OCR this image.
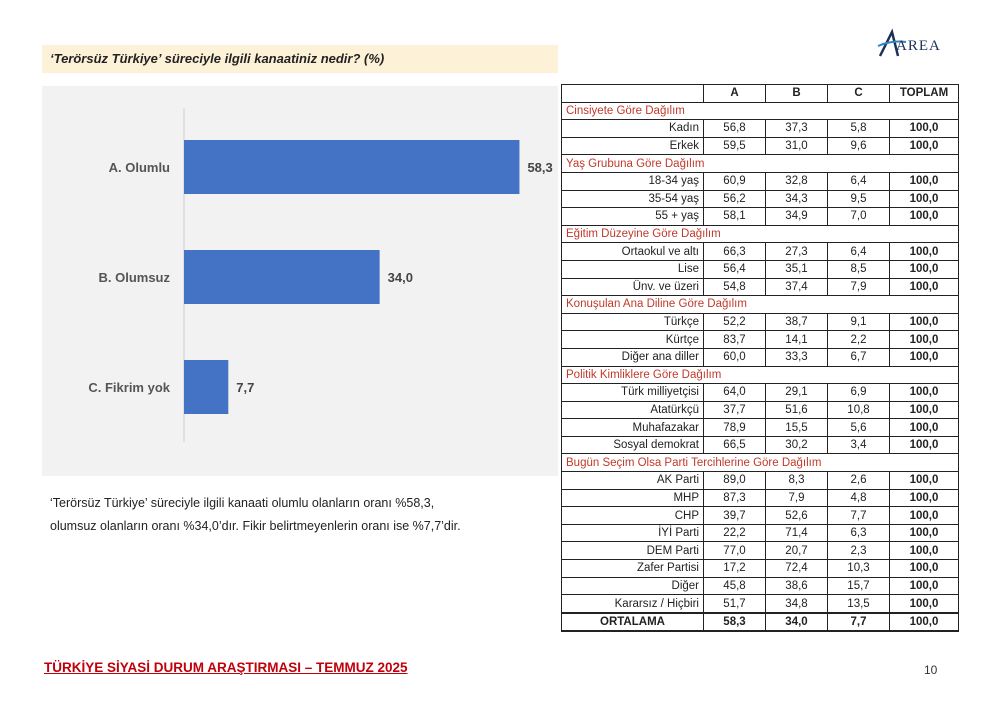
‘Terörsüz Türkiye’ süreciyle ilgili kanaatiniz nedir? (%)
AREA
A. Olumlu	58,3
B. Olumsuz	34,0
C. Fikrim yok	7,7
‘Terörsüz Türkiye’ süreciyle ilgili kanaati olumlu olanların oranı %58,3,
olumsuz olanların oranı %34,0’dır. Fikir belirtmeyenlerin oranı ise %7,7’dir.
	A	B	C	TOPLAM
Cinsiyete Göre Dağılım				
Kadın	56,8	37,3	5,8	100,0
Erkek	59,5	31,0	9,6	100,0
Yaş Grubuna Göre Dağılım				
18-34 yaş	60,9	32,8	6,4	100,0
35-54 yaş	56,2	34,3	9,5	100,0
55 + yaş	58,1	34,9	7,0	100,0
Eğitim Düzeyine Göre Dağılım				
Ortaokul ve altı	66,3	27,3	6,4	100,0
Lise	56,4	35,1	8,5	100,0
Ünv. ve üzeri	54,8	37,4	7,9	100,0
Konuşulan Ana Diline Göre Dağılım				
Türkçe	52,2	38,7	9,1	100,0
Kürtçe	83,7	14,1	2,2	100,0
Diğer ana diller	60,0	33,3	6,7	100,0
Politik Kimliklere Göre Dağılım				
Türk milliyetçisi	64,0	29,1	6,9	100,0
Atatürkçü	37,7	51,6	10,8	100,0
Muhafazakar	78,9	15,5	5,6	100,0
Sosyal demokrat	66,5	30,2	3,4	100,0
Bugün Seçim Olsa Parti Tercihlerine Göre Dağılım				
AK Parti	89,0	8,3	2,6	100,0
MHP	87,3	7,9	4,8	100,0
CHP	39,7	52,6	7,7	100,0
İYİ Parti	22,2	71,4	6,3	100,0
DEM Parti	77,0	20,7	2,3	100,0
Zafer Partisi	17,2	72,4	10,3	100,0
Diğer	45,8	38,6	15,7	100,0
Kararsız / Hiçbiri	51,7	34,8	13,5	100,0
ORTALAMA	58,3	34,0	7,7	100,0
TÜRKİYE SİYASİ DURUM ARAŞTIRMASI – TEMMUZ 2025	10
